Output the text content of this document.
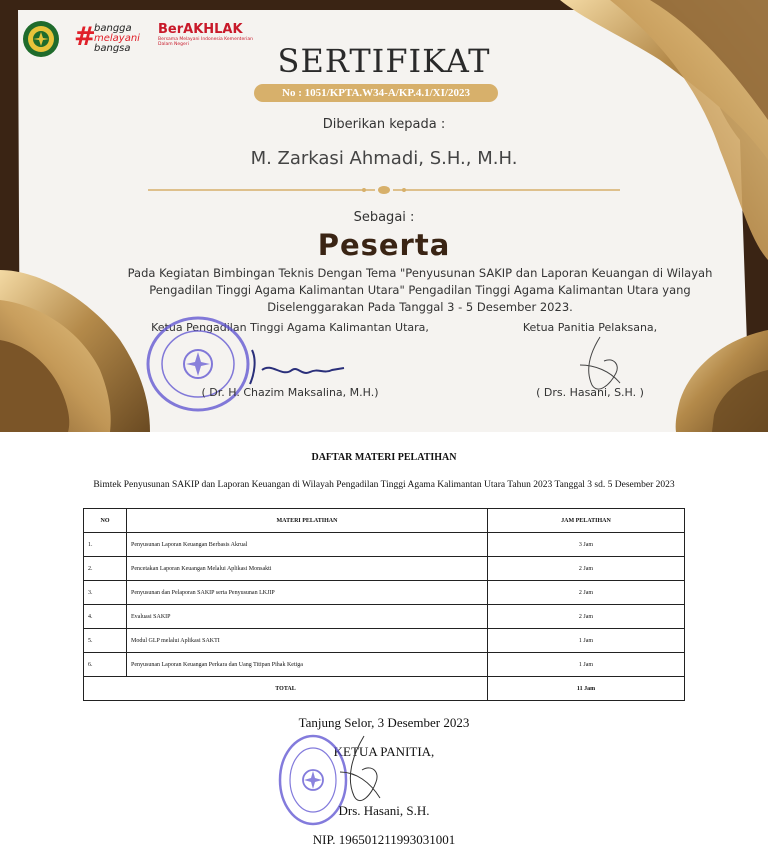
#
bangga
melayani
bangsa
BerAKHLAK
Bersama Melayani Indonesia Kementerian Dalam Negeri	SERTIFIKAT
No : 1051/KPTA.W34-A/KP.4.1/XI/2023
Diberikan kepada :
M. Zarkasi Ahmadi, S.H., M.H.
Sebagai :
Peserta
Pada Kegiatan Bimbingan Teknis Dengan Tema "Penyusunan SAKIP dan Laporan Keuangan di Wilayah Pengadilan Tinggi Agama Kalimantan Utara" Pengadilan Tinggi Agama Kalimantan Utara yang Diselenggarakan Pada Tanggal 3 - 5 Desember 2023.
Ketua Pengadilan Tinggi Agama Kalimantan Utara,	Ketua Panitia Pelaksana,
( Dr. H. Chazim Maksalina, M.H.)	( Drs. Hasani, S.H. )
DAFTAR MATERI PELATIHAN
Bimtek Penyusunan SAKIP dan Laporan Keuangan di Wilayah Pengadilan Tinggi Agama Kalimantan Utara Tahun 2023 Tanggal 3 sd. 5 Desember 2023
NO	MATERI PELATIHAN	JAM PELATIHAN
1.	Penyusunan Laporan Keuangan Berbasis Akrual	3 Jam
2.	Pencetakan Laporan Keuangan Melalui Aplikasi Monsakti	2 Jam
3.	Penyusunan dan Pelaporan SAKIP serta Penyusunan LKJIP	2 Jam
4.	Evaluasi SAKIP	2 Jam
5.	Modul GLP melalui Aplikasi SAKTI	1 Jam
6.	Penyusunan Laporan Keuangan Perkara dan Uang Titipan Pihak Ketiga	1 Jam
TOTAL		11 Jam
Tanjung Selor, 3 Desember 2023
KETUA PANITIA,
Drs. Hasani, S.H.
NIP. 196501211993031001
